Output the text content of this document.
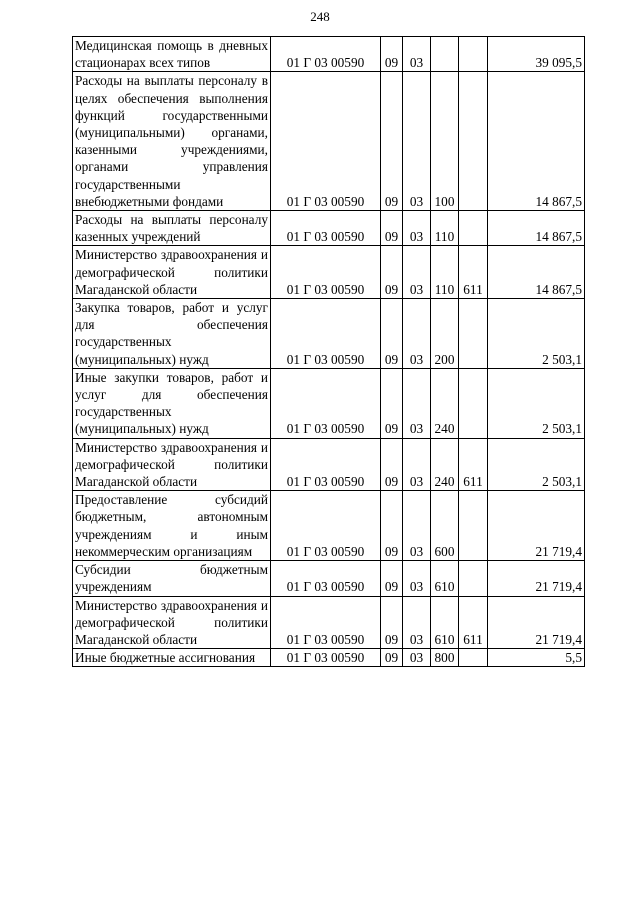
248
Медицинская помощь в дневных стационарах всех типов	01 Г 03 00590	09	03			39 095,5
Расходы на выплаты персоналу в целях обеспечения выполнения функций государственными (муниципальными) органами, казенными учреждениями, органами управления государственными внебюджетными фондами	01 Г 03 00590	09	03	100		14 867,5
Расходы на выплаты персоналу казенных учреждений	01 Г 03 00590	09	03	110		14 867,5
Министерство здравоохранения и демографической политики Магаданской области	01 Г 03 00590	09	03	110	611	14 867,5
Закупка товаров, работ и услуг для обеспечения государственных (муниципальных) нужд	01 Г 03 00590	09	03	200		2 503,1
Иные закупки товаров, работ и услуг для обеспечения государственных (муниципальных) нужд	01 Г 03 00590	09	03	240		2 503,1
Министерство здравоохранения и демографической политики Магаданской области	01 Г 03 00590	09	03	240	611	2 503,1
Предоставление субсидий бюджетным, автономным учреждениям и иным некоммерческим организациям	01 Г 03 00590	09	03	600		21 719,4
Субсидии бюджетным учреждениям	01 Г 03 00590	09	03	610		21 719,4
Министерство здравоохранения и демографической политики Магаданской области	01 Г 03 00590	09	03	610	611	21 719,4
Иные бюджетные ассигнования	01 Г 03 00590	09	03	800		5,5
